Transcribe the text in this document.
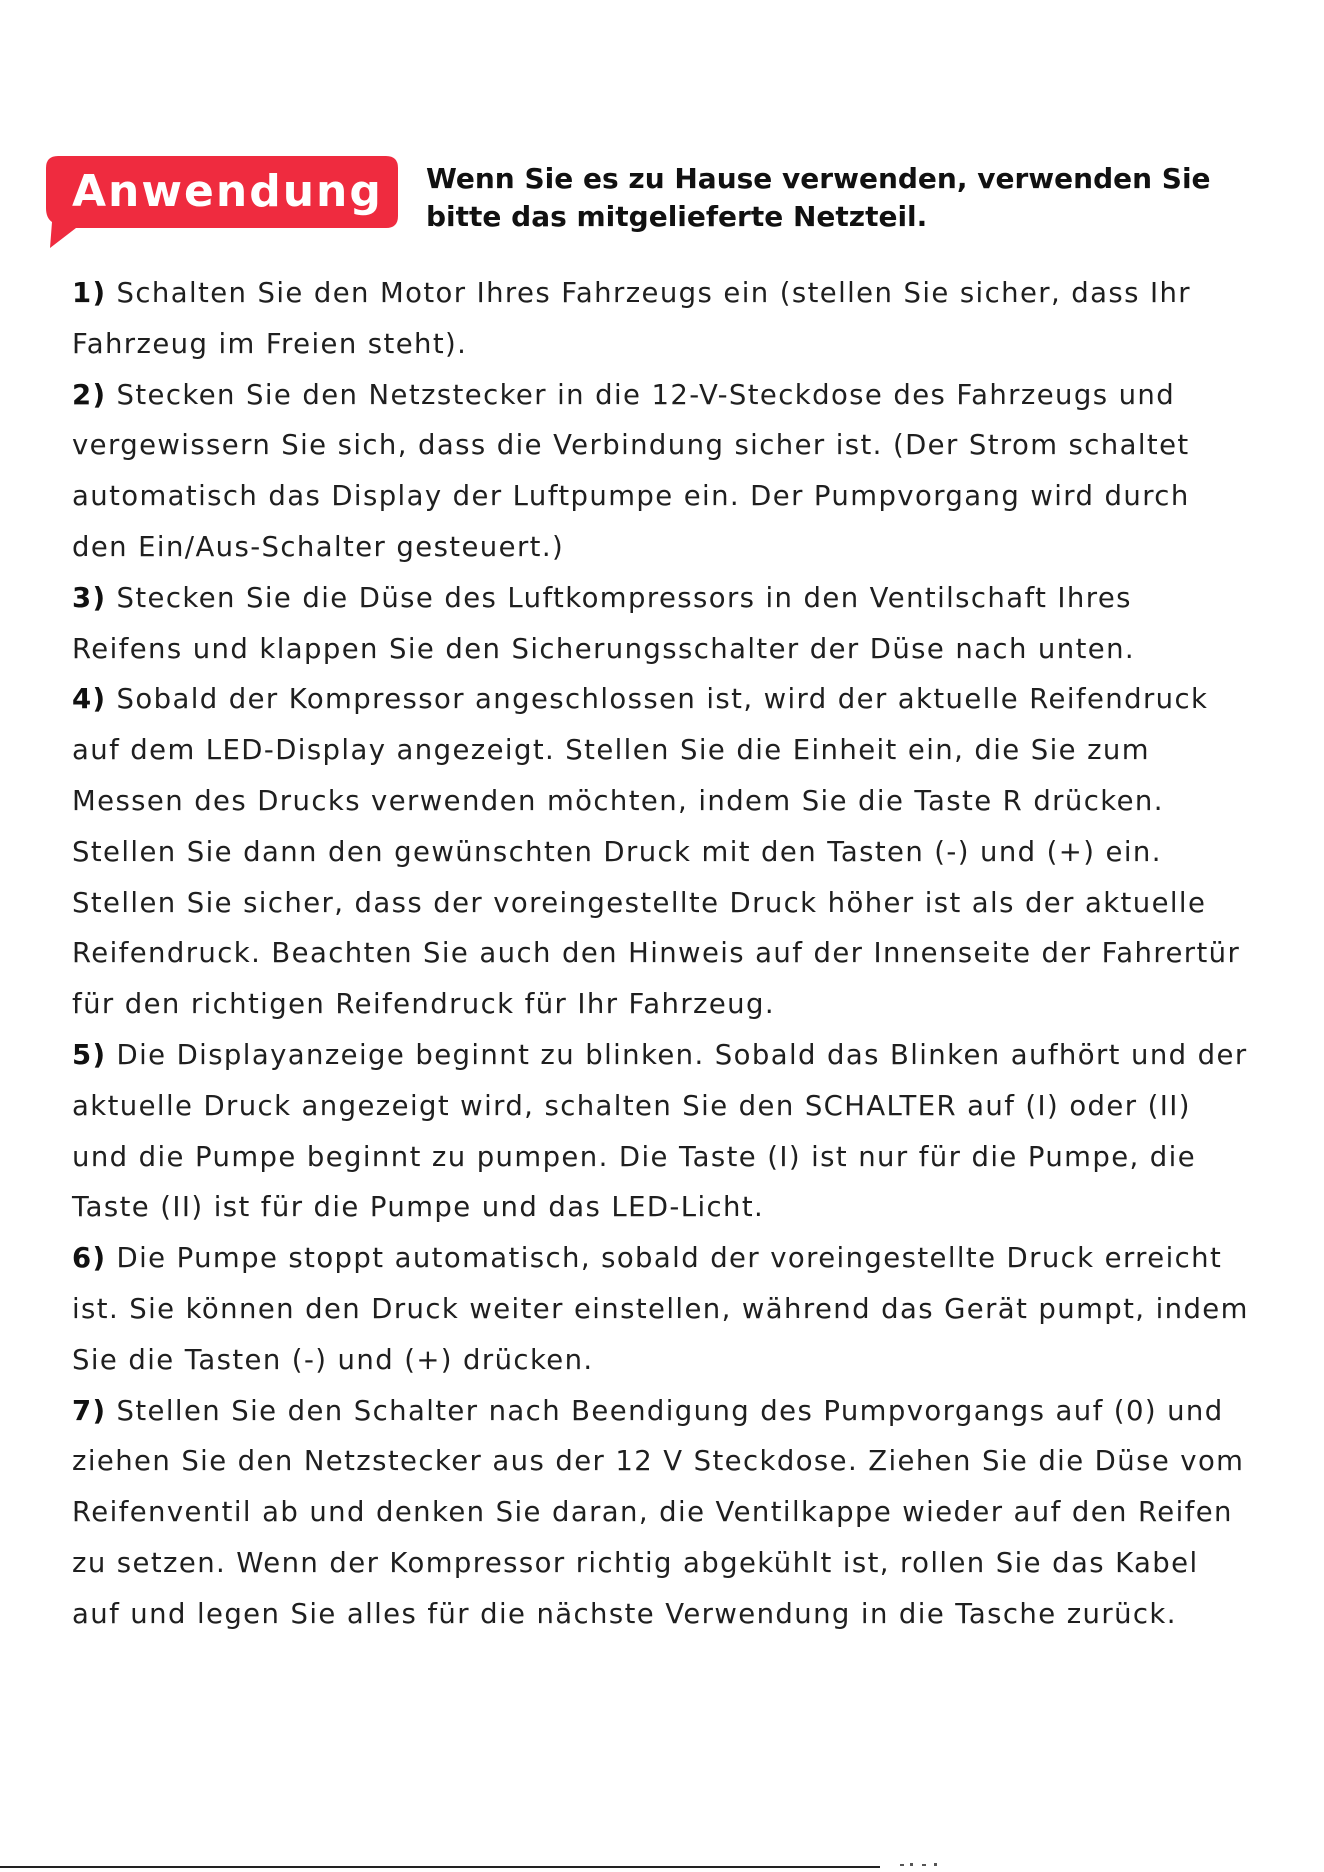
Anwendung Wenn Sie es zu Hause verwenden, verwenden Sie bitte das mitgelieferte Netzteil.

1) Schalten Sie den Motor Ihres Fahrzeugs ein (stellen Sie sicher, dass Ihr Fahrzeug im Freien steht).

2) Stecken Sie den Netzstecker in die 12-V-Steckdose des Fahrzeugs und vergewissern Sie sich, dass die Verbindung sicher ist. (Der Strom schaltet automatisch das Display der Luftpumpe ein. Der Pumpvorgang wird durch den Ein/Aus-Schalter gesteuert.)

3) Stecken Sie die Düse des Luftkompressors in den Ventilschaft Ihres Reifens und klappen Sie den Sicherungsschalter der Düse nach unten.

4) Sobald der Kompressor angeschlossen ist, wird der aktuelle Reifendruck auf dem LED-Display angezeigt. Stellen Sie die Einheit ein, die Sie zum Messen des Drucks verwenden möchten, indem Sie die Taste R drücken. Stellen Sie dann den gewünschten Druck mit den Tasten (-) und (+) ein. Stellen Sie sicher, dass der voreingestellte Druck höher ist als der aktuelle Reifendruck. Beachten Sie auch den Hinweis auf der Innenseite der Fahrertür für den richtigen Reifendruck für Ihr Fahrzeug.

5) Die Displayanzeige beginnt zu blinken. Sobald das Blinken aufhört und der aktuelle Druck angezeigt wird, schalten Sie den SCHALTER auf (I) oder (II) und die Pumpe beginnt zu pumpen. Die Taste (I) ist nur für die Pumpe, die Taste (II) ist für die Pumpe und das LED-Licht.

6) Die Pumpe stoppt automatisch, sobald der voreingestellte Druck erreicht ist. Sie können den Druck weiter einstellen, während das Gerät pumpt, indem Sie die Tasten (-) und (+) drücken.

7) Stellen Sie den Schalter nach Beendigung des Pumpvorgangs auf (0) und ziehen Sie den Netzstecker aus der 12 V Steckdose. Ziehen Sie die Düse vom Reifenventil ab und denken Sie daran, die Ventilkappe wieder auf den Reifen zu setzen. Wenn der Kompressor richtig abgekühlt ist, rollen Sie das Kabel auf und legen Sie alles für die nächste Verwendung in die Tasche zurück.
